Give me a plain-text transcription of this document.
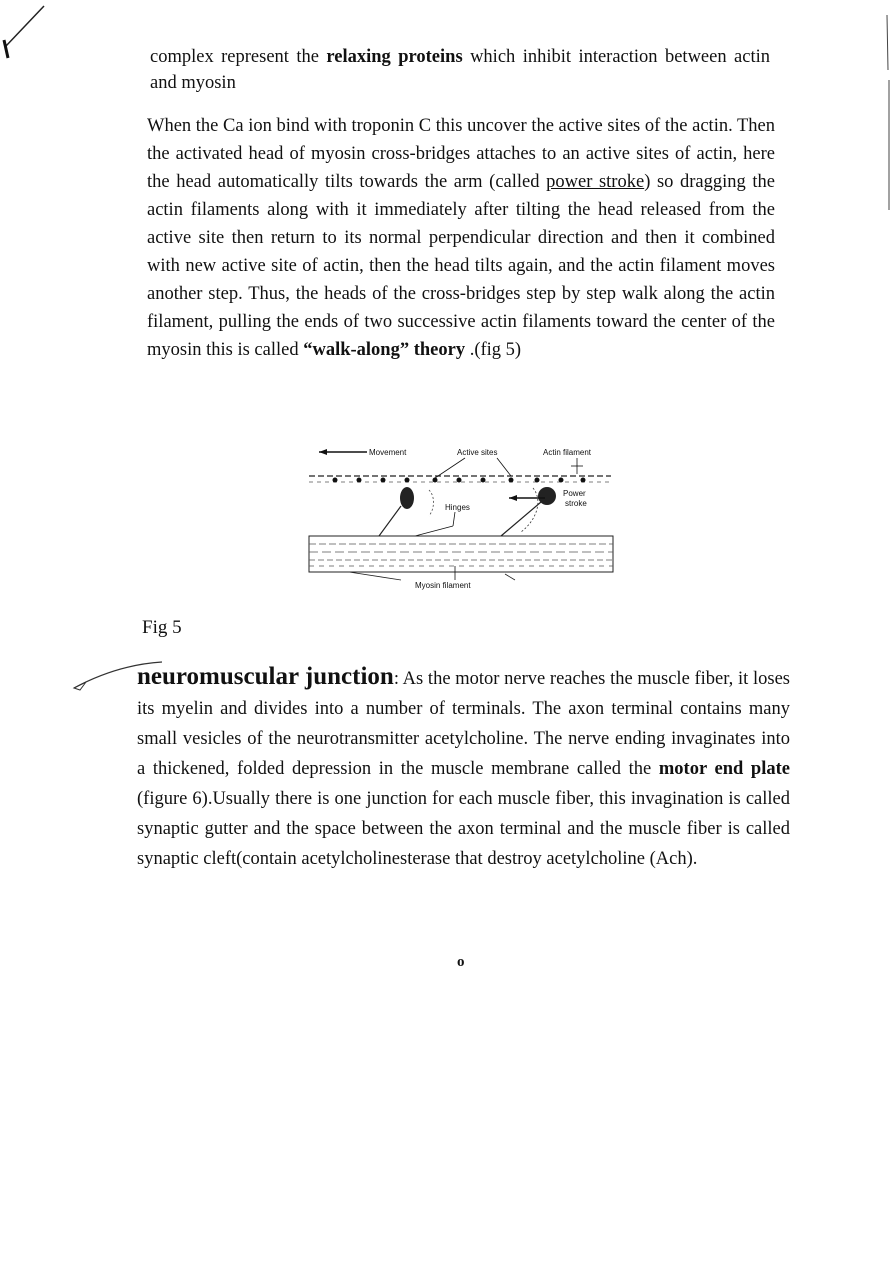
complex represent the relaxing proteins which inhibit interaction between actin and myosin

When the Ca ion bind with troponin C this uncover the active sites of the actin. Then the activated head of myosin cross-bridges attaches to an active sites of actin, here the head automatically tilts towards the arm (called power stroke) so dragging the actin filaments along with it immediately after tilting the head released from the active site then return to its normal perpendicular direction and then it combined with new active site of actin, then the head tilts again, and the actin filament moves another step. Thus, the heads of the cross-bridges step by step walk along the actin filament, pulling the ends of two successive actin filaments toward the center of the myosin this is called “walk-along” theory .(fig 5)

Movement	Active sites	Actin filament
Hinges
Power
stroke
Myosin filament
Fig 5

neuromuscular junction: As the motor nerve reaches the muscle fiber, it loses its myelin and divides into a number of terminals. The axon terminal contains many small vesicles of the neurotransmitter acetylcholine. The nerve ending invaginates into a thickened, folded depression in the muscle membrane called the motor end plate (figure 6).Usually there is one junction for each muscle fiber, this invagination is called synaptic gutter and the space between the axon terminal and the muscle fiber is called synaptic cleft(contain acetylcholinesterase that destroy acetylcholine (Ach).

o
